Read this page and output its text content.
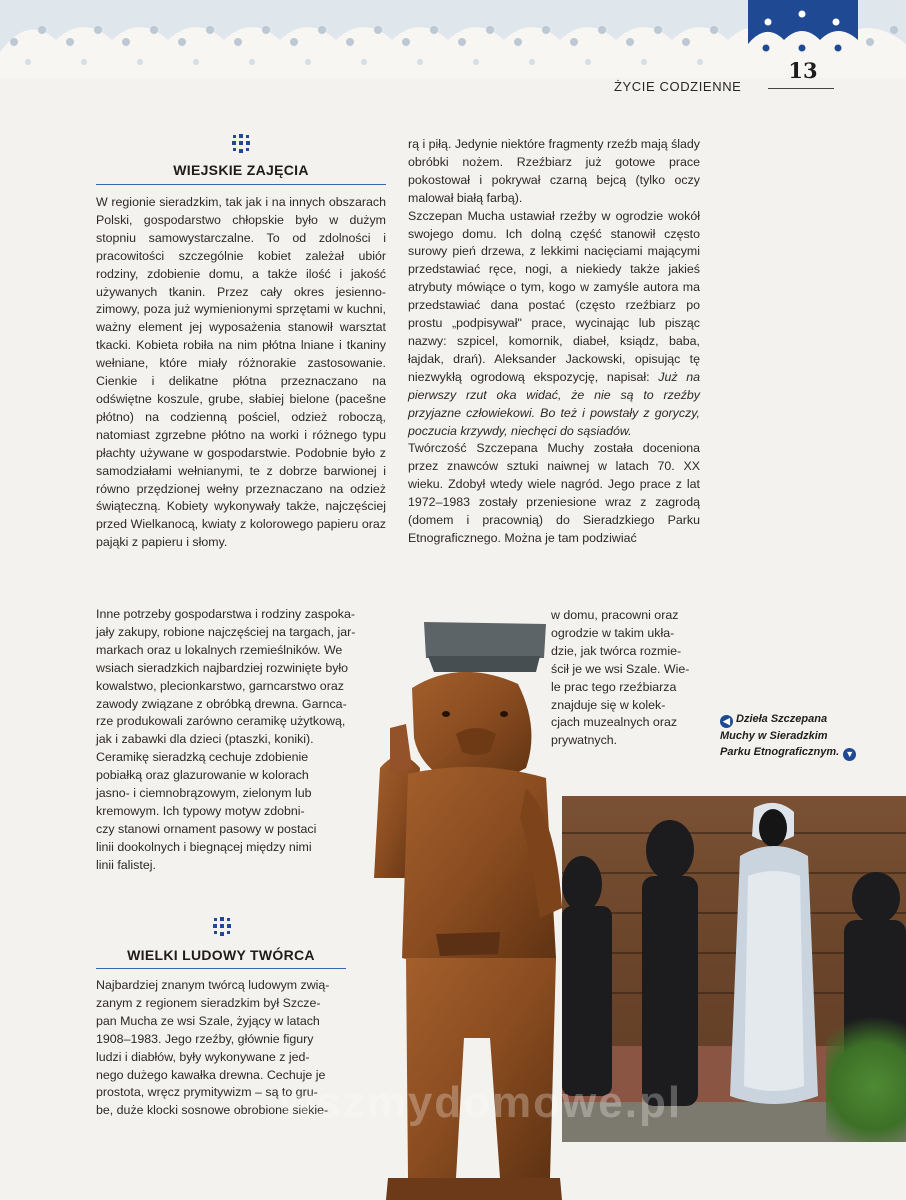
13
ŻYCIE CODZIENNE
WIEJSKIE ZAJĘCIA

W regionie sieradzkim, tak jak i na innych obszarach Polski, gospodarstwo chłopskie było w dużym stopniu samowystarczalne. To od zdolności i pracowitości szczególnie kobiet zależał ubiór rodziny, zdobienie domu, a także ilość i jakość używanych tkanin. Przez cały okres jesienno-zimowy, poza już wymienionymi sprzętami w kuchni, ważny element jej wyposażenia stanowił warsztat tkacki. Kobieta robiła na nim płótna lniane i tkaniny wełniane, które miały różnorakie zastosowanie. Cienkie i delikatne płótna przeznaczano na odświętne koszule, grube, słabiej bielone (pacešne płótno) na codzienną pościel, odzież roboczą, natomiast zgrzebne płótno na worki i różnego typu płachty używane w gospodarstwie. Podobnie było z samodziałami wełnianymi, te z dobrze barwionej i równo przędzionej wełny przeznaczano na odzież świąteczną. Kobiety wykonywały także, najczęściej przed Wielkanocą, kwiaty z kolorowego papieru oraz pająki z papieru i słomy.

Inne potrzeby gospodarstwa i rodziny zaspoka-
jały zakupy, robione najczęściej na targach, jar-
markach oraz u lokalnych rzemieślników. We
wsiach sieradzkich najbardziej rozwinięte było
kowalstwo, plecionkarstwo, garncarstwo oraz
zawody związane z obróbką drewna. Garnca-
rze produkowali zarówno ceramikę użytkową,
jak i zabawki dla dzieci (ptaszki, koniki).
Ceramikę sieradzką cechuje zdobienie
pobiałką oraz glazurowanie w kolorach
jasno- i ciemnobrązowym, zielonym lub
kremowym. Ich typowy motyw zdobni-
czy stanowi ornament pasowy w postaci
linii dookolnych i biegnącej między nimi
linii falistej.
WIELKI LUDOWY TWÓRCA
Najbardziej znanym twórcą ludowym zwią-
zanym z regionem sieradzkim był Szcze-
pan Mucha ze wsi Szale, żyjący w latach
1908–1983. Jego rzeźby, głównie figury
ludzi i diabłów, były wykonywane z jed-
nego dużego kawałka drewna. Cechuje je
prostota, wręcz prymitywizm – są to gru-
be, duże klocki sosnowe obrobione siekie-

rą i piłą. Jedynie niektóre fragmenty rzeźb mają ślady obróbki nożem. Rzeźbiarz już gotowe prace pokostował i pokrywał czarną bejcą (tylko oczy malował białą farbą).

Szczepan Mucha ustawiał rzeźby w ogrodzie wokół swojego domu. Ich dolną część stanowił często surowy pień drzewa, z lekkimi nacięciami mającymi przedstawiać ręce, nogi, a niekiedy także jakieś atrybuty mówiące o tym, kogo w zamyśle autora ma przedstawiać dana postać (często rzeźbiarz po prostu „podpisywał" prace, wycinając lub pisząc nazwy: szpicel, komornik, diabeł, ksiądz, baba, łajdak, drań). Aleksander Jackowski, opisując tę niezwykłą ogrodową ekspozycję, napisał: Już na pierwszy rzut oka widać, że nie są to rzeźby przyjazne człowiekowi. Bo też i powstały z goryczy, poczucia krzywdy, niechęci do sąsiadów.

Twórczość Szczepana Muchy została doceniona przez znawców sztuki naiwnej w latach 70. XX wieku. Zdobył wtedy wiele nagród. Jego prace z lat 1972–1983 zostały przeniesione wraz z zagrodą (domem i pracownią) do Sieradzkiego Parku Etnograficznego. Można je tam podziwiać

w domu, pracowni oraz
ogrodzie w takim ukła-
dzie, jak twórca rozmie-
ścił je we wsi Szale. Wie-
le prac tego rzeźbiarza
znajduje się w kolek-
cjach muzealnych oraz
prywatnych.
◀ Dzieła Szczepana
Muchy w Sieradzkim
Parku Etnograficznym. ▼
wszmydomowe.pl
